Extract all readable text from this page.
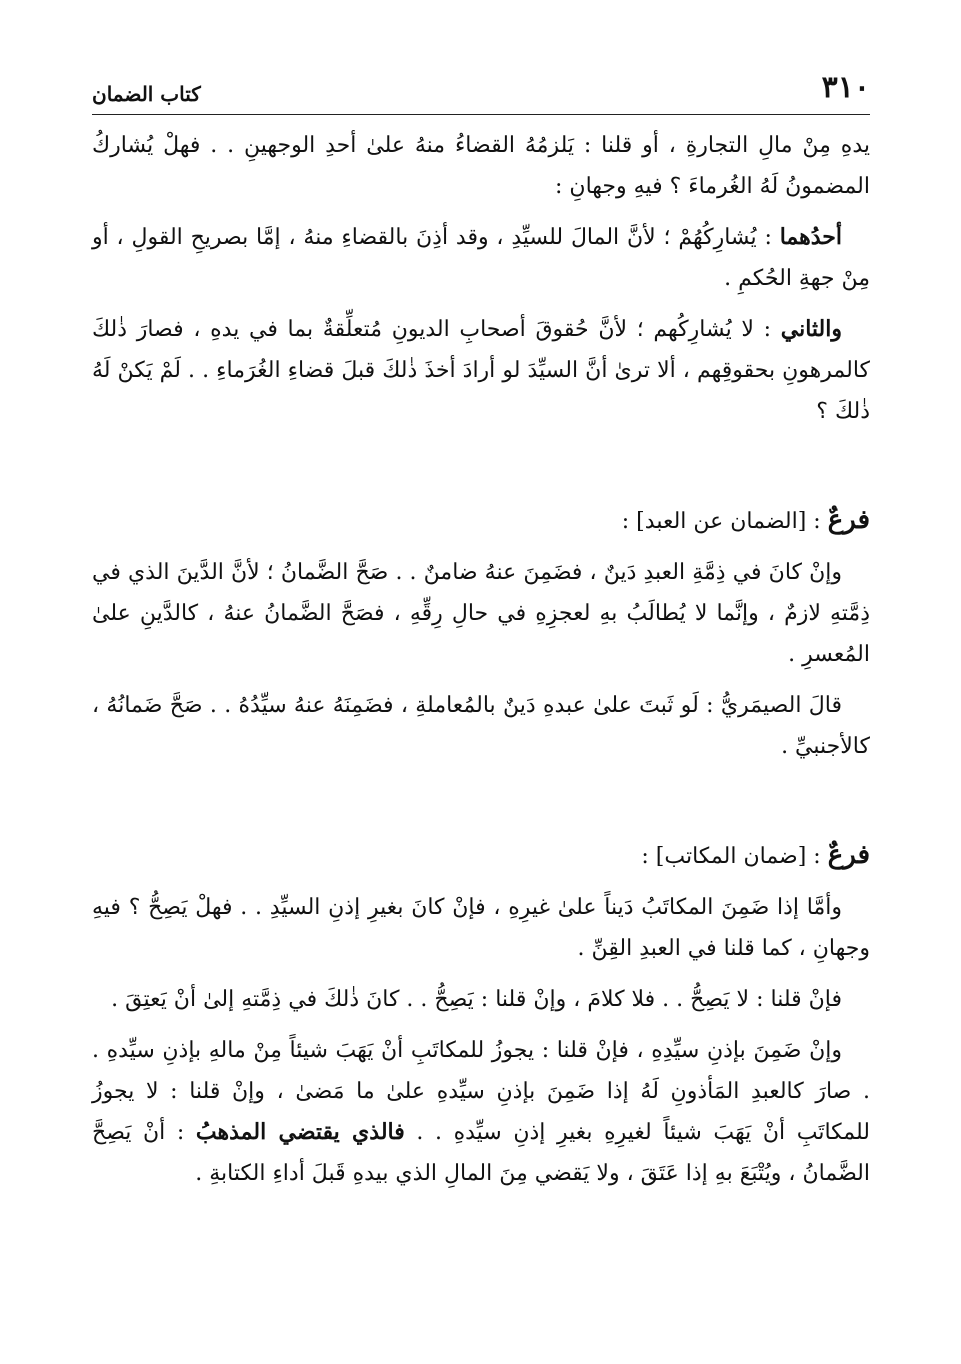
٣١٠
كتاب الضمان

يدهِ مِنْ مالِ التجارةِ ، أو قلنا : يَلزمُهُ القضاءُ منهُ علىٰ أحدِ الوجهينِ . . فهلْ يُشاركُ المضمونُ لَهُ الغُرماءَ ؟ فيهِ وجهانِ :

أحدُهما : يُشارِكُهُمْ ؛ لأنَّ المالَ للسيِّدِ ، وقد أذِنَ بالقضاءِ منهُ ، إمَّا بصريحِ القولِ ، أو مِنْ جهةِ الحُكمِ .

والثاني : لا يُشارِكُهم ؛ لأنَّ حُقوقَ أصحابِ الديونِ مُتعلِّقةٌ بما في يدهِ ، فصارَ ذٰلكَ كالمرهونِ بحقوقِهم ، ألا ترىٰ أنَّ السيِّدَ لو أرادَ أخذَ ذٰلكَ قبلَ قضاءِ الغُرَماءِ . . لَمْ يَكنْ لَهُ ذٰلكَ ؟

فرعٌ : [الضمان عن العبد] :

وإنْ كانَ في ذِمَّةِ العبدِ دَينٌ ، فضَمِنَ عنهُ ضامنٌ . . صَحَّ الضَّمانُ ؛ لأنَّ الدَّينَ الذي في ذِمَّتهِ لازمٌ ، وإنَّما لا يُطالَبُ بهِ لعجزِهِ في حالِ رِقِّهِ ، فصَحَّ الضَّمانُ عنهُ ، كالدَّينِ علىٰ المُعسرِ .

قالَ الصيمَريُّ : لَو ثَبتَ علىٰ عبدهِ دَينٌ بالمُعاملةِ ، فضَمِنَهُ عنهُ سيِّدُهُ . . صَحَّ ضَمانُهُ ، كالأجنبيِّ .

فرعٌ : [ضمان المكاتب] :

وأمَّا إذا ضَمِنَ المكاتَبُ دَيناً علىٰ غيرِهِ ، فإنْ كانَ بغيرِ إذنِ السيِّدِ . . فهلْ يَصِحُّ ؟ فيهِ وجهانِ ، كما قلنا في العبدِ القِنِّ .

فإنْ قلنا : لا يَصِحُّ . . فلا كلامَ ، وإنْ قلنا : يَصِحُّ . . كانَ ذٰلكَ في ذِمَّتهِ إلىٰ أنْ يَعتِقَ .

وإنْ ضَمِنَ بإذنِ سيِّدِهِ ، فإنْ قلنا : يجوزُ للمكاتَبِ أنْ يَهَبَ شيئاً مِنْ مالهِ بإذنِ سيِّدهِ . . صارَ كالعبدِ المَأذونِ لَهُ إذا ضَمِنَ بإذنِ سيِّدهِ علىٰ ما مَضىٰ ، وإنْ قلنا : لا يجوزُ للمكاتَبِ أنْ يَهَبَ شيئاً لغيرِهِ بغيرِ إذنِ سيِّدهِ . . فالذي يقتضي المذهبُ : أنْ يَصِحَّ الضَّمانُ ، ويُتْبَعَ بهِ إذا عَتَقَ ، ولا يَقضي مِنَ المالِ الذي بيدهِ قَبلَ أداءِ الكتابةِ .
